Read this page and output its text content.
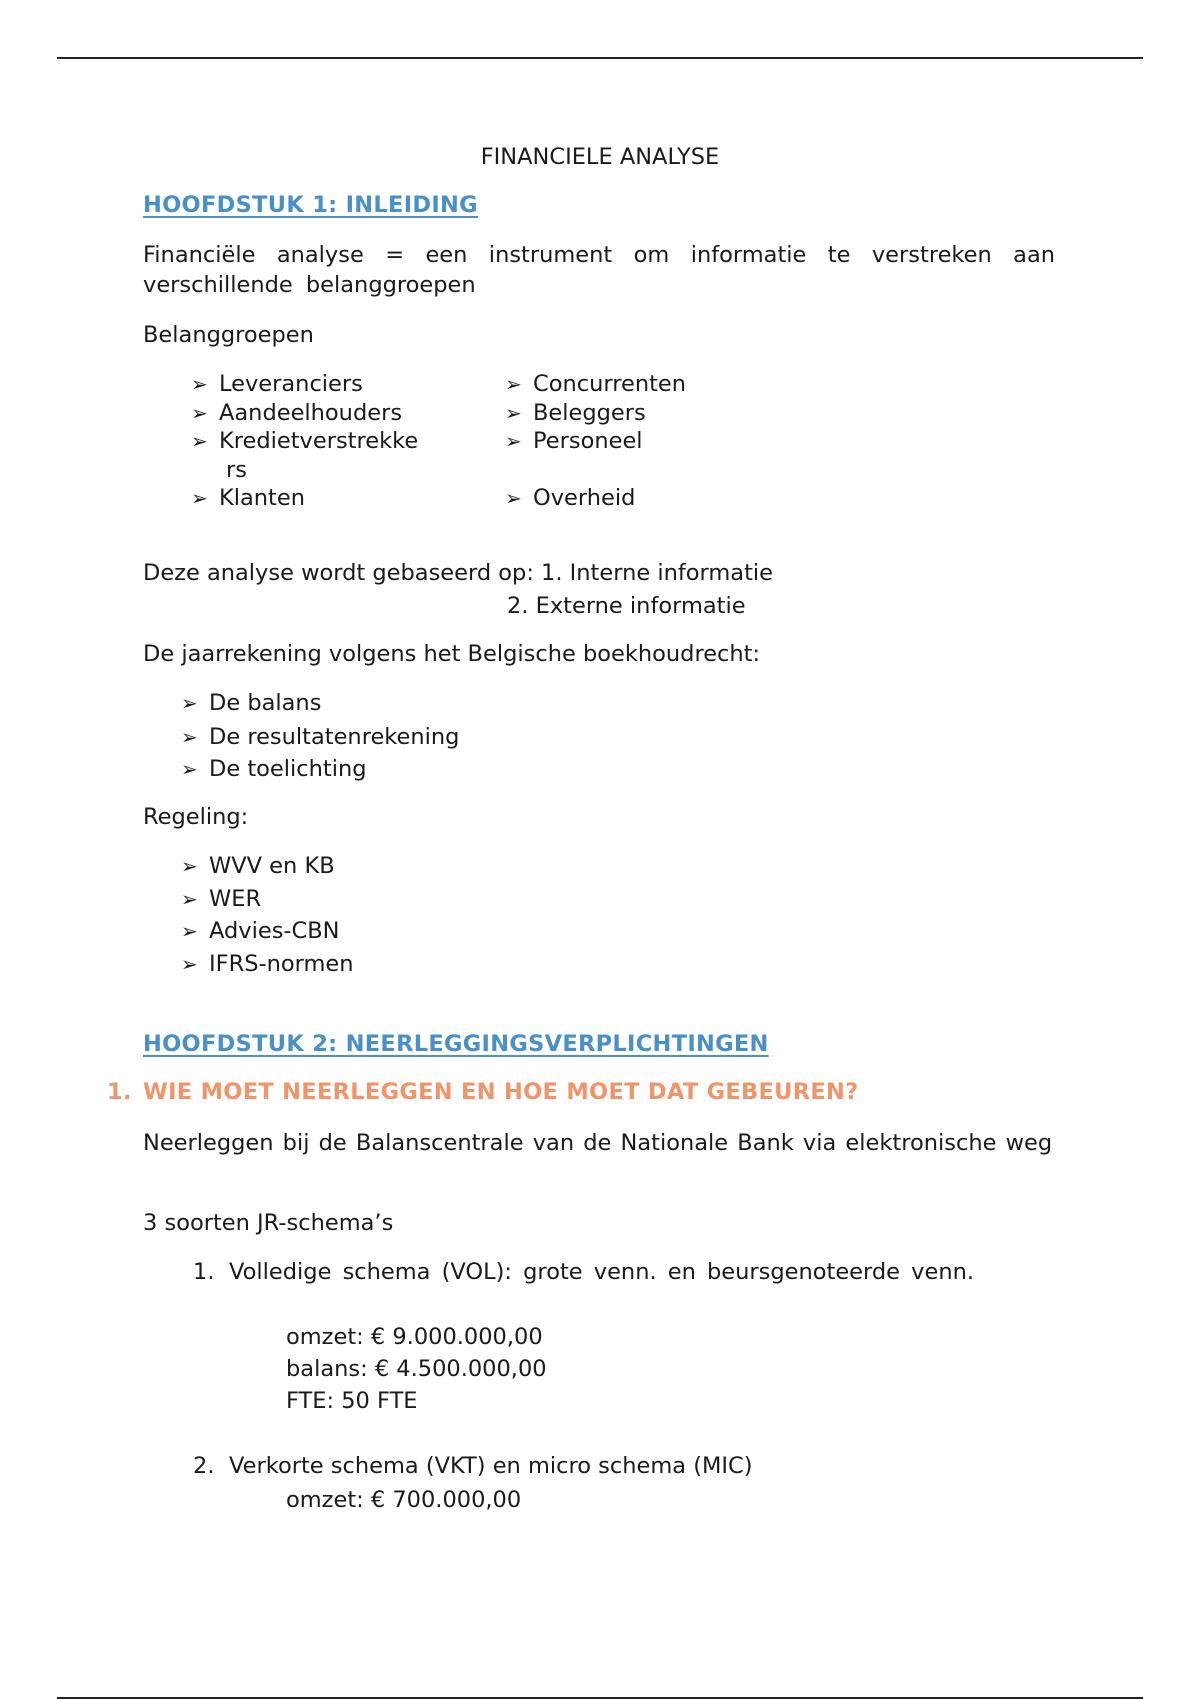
FINANCIELE ANALYSE
HOOFDSTUK 1: INLEIDING
Financiële analyse = een instrument om informatie te verstreken aan verschillende belanggroepen
Belanggroepen
➢ Leveranciers
➢ Aandeelhouders
➢ Kredietverstrekke
rs
➢ Klanten
➢ Concurrenten
➢ Beleggers
➢ Personeel
➢ Overheid
Deze analyse wordt gebaseerd op: 1. Interne informatie
2. Externe informatie
De jaarrekening volgens het Belgische boekhoudrecht:
➢ De balans
➢ De resultatenrekening
➢ De toelichting
Regeling:
➢ WVV en KB
➢ WER
➢ Advies-CBN
➢ IFRS-normen
HOOFDSTUK 2: NEERLEGGINGSVERPLICHTINGEN
1. WIE MOET NEERLEGGEN EN HOE MOET DAT GEBEUREN?
Neerleggen bij de Balanscentrale van de Nationale Bank via elektronische weg
3 soorten JR-schema’s
1. Volledige schema (VOL): grote venn. en beursgenoteerde venn.
omzet: € 9.000.000,00
balans: € 4.500.000,00
FTE: 50 FTE
2. Verkorte schema (VKT) en micro schema (MIC)
omzet: € 700.000,00
